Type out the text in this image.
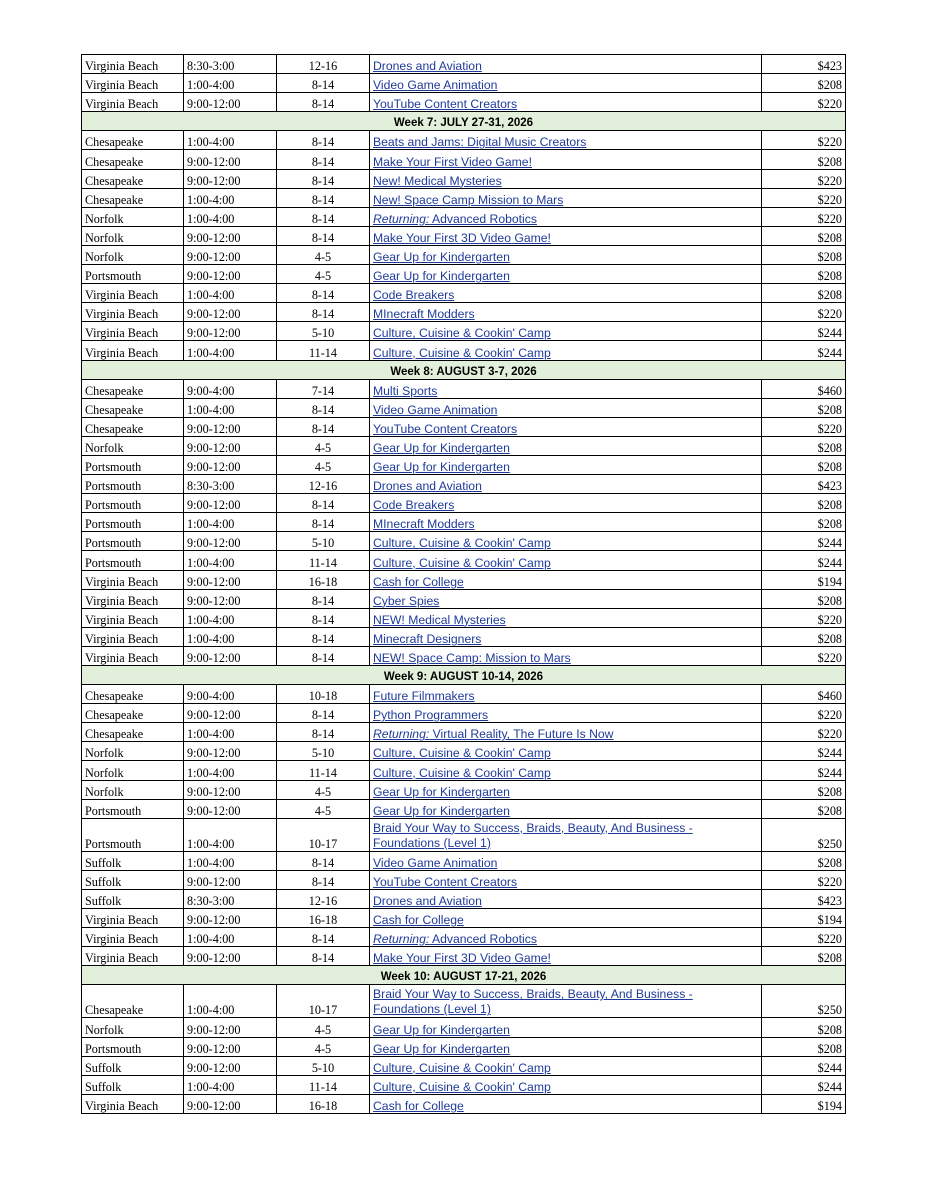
Virginia Beach	8:30-3:00	12-16	Drones and Aviation	$423
Virginia Beach	1:00-4:00	8-14	Video Game Animation	$208
Virginia Beach	9:00-12:00	8-14	YouTube Content Creators	$220
Week 7: JULY 27-31, 2026				
Chesapeake	1:00-4:00	8-14	Beats and Jams: Digital Music Creators	$220
Chesapeake	9:00-12:00	8-14	Make Your First Video Game!	$208
Chesapeake	9:00-12:00	8-14	New! Medical Mysteries	$220
Chesapeake	1:00-4:00	8-14	New! Space Camp Mission to Mars	$220
Norfolk	1:00-4:00	8-14	Returning: Advanced Robotics	$220
Norfolk	9:00-12:00	8-14	Make Your First 3D Video Game!	$208
Norfolk	9:00-12:00	4-5	Gear Up for Kindergarten	$208
Portsmouth	9:00-12:00	4-5	Gear Up for Kindergarten	$208
Virginia Beach	1:00-4:00	8-14	Code Breakers	$208
Virginia Beach	9:00-12:00	8-14	MInecraft Modders	$220
Virginia Beach	9:00-12:00	5-10	Culture, Cuisine & Cookin' Camp	$244
Virginia Beach	1:00-4:00	11-14	Culture, Cuisine & Cookin' Camp	$244
Week 8: AUGUST 3-7, 2026				
Chesapeake	9:00-4:00	7-14	Multi Sports	$460
Chesapeake	1:00-4:00	8-14	Video Game Animation	$208
Chesapeake	9:00-12:00	8-14	YouTube Content Creators	$220
Norfolk	9:00-12:00	4-5	Gear Up for Kindergarten	$208
Portsmouth	9:00-12:00	4-5	Gear Up for Kindergarten	$208
Portsmouth	8:30-3:00	12-16	Drones and Aviation	$423
Portsmouth	9:00-12:00	8-14	Code Breakers	$208
Portsmouth	1:00-4:00	8-14	MInecraft Modders	$208
Portsmouth	9:00-12:00	5-10	Culture, Cuisine & Cookin' Camp	$244
Portsmouth	1:00-4:00	11-14	Culture, Cuisine & Cookin' Camp	$244
Virginia Beach	9:00-12:00	16-18	Cash for College	$194
Virginia Beach	9:00-12:00	8-14	Cyber Spies	$208
Virginia Beach	1:00-4:00	8-14	NEW! Medical Mysteries	$220
Virginia Beach	1:00-4:00	8-14	Minecraft Designers	$208
Virginia Beach	9:00-12:00	8-14	NEW! Space Camp: Mission to Mars	$220
Week 9: AUGUST 10-14, 2026				
Chesapeake	9:00-4:00	10-18	Future Filmmakers	$460
Chesapeake	9:00-12:00	8-14	Python Programmers	$220
Chesapeake	1:00-4:00	8-14	Returning: Virtual Reality, The Future Is Now	$220
Norfolk	9:00-12:00	5-10	Culture, Cuisine & Cookin' Camp	$244
Norfolk	1:00-4:00	11-14	Culture, Cuisine & Cookin' Camp	$244
Norfolk	9:00-12:00	4-5	Gear Up for Kindergarten	$208
Portsmouth	9:00-12:00	4-5	Gear Up for Kindergarten	$208
Portsmouth	1:00-4:00	10-17	Braid Your Way to Success, Braids, Beauty, And Business - Foundations (Level 1)	$250
Suffolk	1:00-4:00	8-14	Video Game Animation	$208
Suffolk	9:00-12:00	8-14	YouTube Content Creators	$220
Suffolk	8:30-3:00	12-16	Drones and Aviation	$423
Virginia Beach	9:00-12:00	16-18	Cash for College	$194
Virginia Beach	1:00-4:00	8-14	Returning: Advanced Robotics	$220
Virginia Beach	9:00-12:00	8-14	Make Your First 3D Video Game!	$208
Week 10: AUGUST 17-21, 2026				
Chesapeake	1:00-4:00	10-17	Braid Your Way to Success, Braids, Beauty, And Business - Foundations (Level 1)	$250
Norfolk	9:00-12:00	4-5	Gear Up for Kindergarten	$208
Portsmouth	9:00-12:00	4-5	Gear Up for Kindergarten	$208
Suffolk	9:00-12:00	5-10	Culture, Cuisine & Cookin' Camp	$244
Suffolk	1:00-4:00	11-14	Culture, Cuisine & Cookin' Camp	$244
Virginia Beach	9:00-12:00	16-18	Cash for College	$194
